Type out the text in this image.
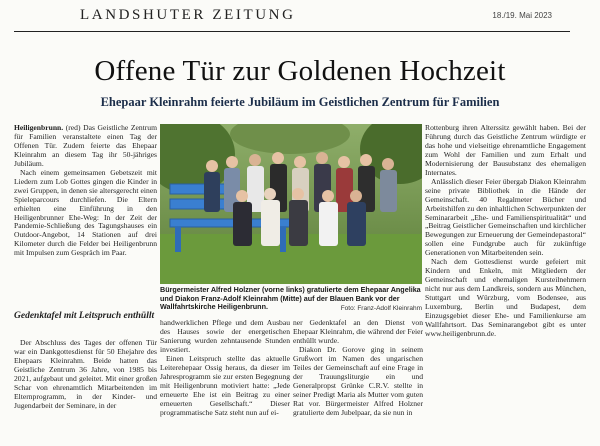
LANDSHUTER ZEITUNG	18./19. Mai 2023
Offene Tür zur Goldenen Hochzeit
Ehepaar Kleinrahm feierte Jubiläum im Geistlichen Zentrum für Familien

Heiligenbrunn. (red) Das Geistliche Zentrum für Familien veranstaltete einen Tag der Offenen Tür. Zudem feierte das Ehepaar Kleinrahm an diesem Tag ihr 50-jähriges Jubiläum.

Nach einem gemeinsamen Gebetszeit mit Liedern zum Lob Gottes gingen die Kinder in zwei Gruppen, in denen sie altersgerecht einen Spieleparcours durchliefen. Die Eltern erhielten eine Einführung in den Heiligenbrunner Ehe-Weg: In der Zeit der Pandemie-Schließung des Tagungshauses ein Outdoor-Angebot, 14 Stationen auf drei Kilometer durch die Felder bei Heiligenbrunn mit Impulsen zum Gespräch im Paar.

Gedenktafel mit Leitspruch enthüllt

Der Abschluss des Tages der offenen Tür war ein Dankgottesdienst für 50 Ehejahre des Ehepaars Kleinrahm. Beide hatten das Geistliche Zentrum 36 Jahre, von 1985 bis 2021, aufgebaut und geleitet. Mit einer großen Schar von ehrenamtlich Mitarbeitenden im Elternprogramm, in der Kinder- und Jugendarbeit der Seminare, in der

Bürgermeister Alfred Holzner (vorne links) gratulierte dem Ehepaar Angelika und Diakon Franz-Adolf Kleinrahm (Mitte) auf der Blauen Bank vor der Wallfahrtskirche Heiligenbrunn.	Foto: Franz-Adolf Kleinrahm

handwerklichen Pflege und dem Ausbau des Hauses sowie der energetischen Sanierung wurden zehntausende Stunden investiert.

Einen Leitspruch stellte das aktuelle Leiterehepaar Ossig heraus, da dieser im Jahresprogramm sie zur ersten Begegnung mit Heiligenbrunn motiviert hatte: „Jede erneuerte Ehe ist ein Beitrag zu einer erneuerten Gesellschaft.“ Dieser programmatische Satz steht nun auf ei-

ner Gedenktafel an den Dienst von Ehepaar Kleinrahm, die während der Feier enthüllt wurde.

Diakon Dr. Gorove ging in seinem Grußwort im Namen des ungarischen Teiles der Gemeinschaft auf eine Frage in der Trauungsliturgie ein und Generalpropst Grünke C.R.V. stellte in seiner Predigt Maria als Mutter vom guten Rat vor. Bürgermeister Alfred Holzner gratulierte dem Jubelpaar, da sie nun in

Rottenburg ihren Alterssitz gewählt haben. Bei der Führung durch das Geistliche Zentrum würdigte er das hohe und vielseitige ehrenamtliche Engagement zum Wohl der Familien und zum Erhalt und Modernisierung der Bausubstanz des ehemaligen Internates.

Anlässlich dieser Feier übergab Diakon Kleinrahm seine private Bibliothek in die Hände der Gemeinschaft. 40 Regalmeter Bücher und Arbeitshilfen zu den inhaltlichen Schwerpunkten der Seminararbeit „Ehe- und Familienspiritualität“ und „Beitrag Geistlicher Gemeinschaften und kirchlicher Bewegungen zur Erneuerung der Gemeindepastoral“ sollen eine Fundgrube auch für zukünftige Generationen von Mitarbeitenden sein.

Nach dem Gottesdienst wurde gefeiert mit Kindern und Enkeln, mit Mitgliedern der Gemeinschaft und ehemaligen Kursteilnehmern nicht nur aus dem Landkreis, sondern aus München, Stuttgart und Würzburg, vom Bodensee, aus Luxemburg, Berlin und Budapest, dem Einzugsgebiet dieser Ehe- und Familienkurse am Wallfahrtsort. Das Seminarangebot gibt es unter www.heiligenbrunn.de.
